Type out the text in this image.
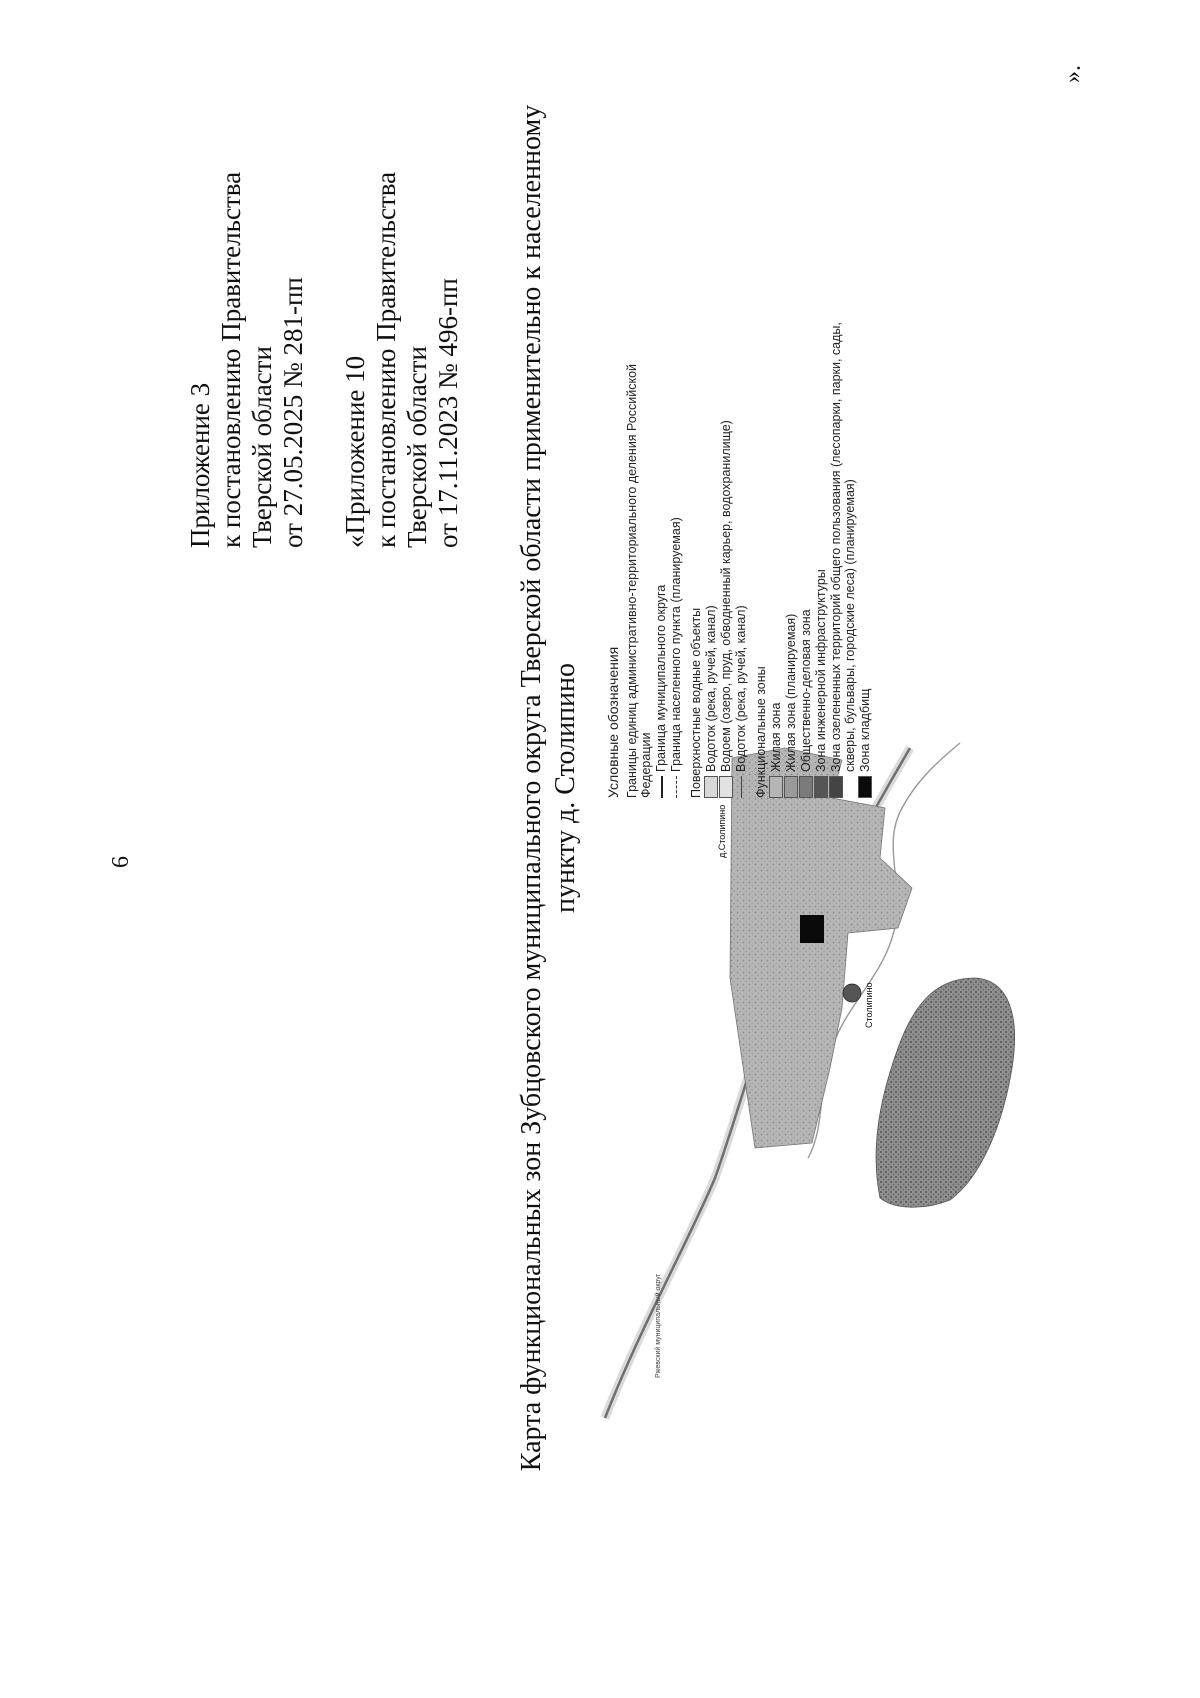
6
Приложение 3 к постановлению Правительства Тверской области от 27.05.2025 № 281-пп «Приложение 10 к постановлению Правительства Тверской области от 17.11.2023 № 496-пп Карта функциональных зон Зубцовского муниципального округа Тверской области применительно к населенному пункту д. Столипино
Ржевский муниципальный округ
д.Столипино
Столипино
Условные обозначения Границы единиц административно-территориального деления Российской Федерации Граница муниципального округа Граница населенного пункта (планируемая) Поверхностные водные объекты Водоток (река, ручей, канал) Водоем (озеро, пруд, обводненный карьер, водохранилище) Водоток (река, ручей, канал) Функциональные зоны Жилая зона Жилая зона (планируемая) Общественно-деловая зона Зона инженерной инфраструктуры Зона озелененных территорий общего пользования (лесопарки, парки, сады, скверы, бульвары, городские леса) (планируемая) Зона кладбищ
».
